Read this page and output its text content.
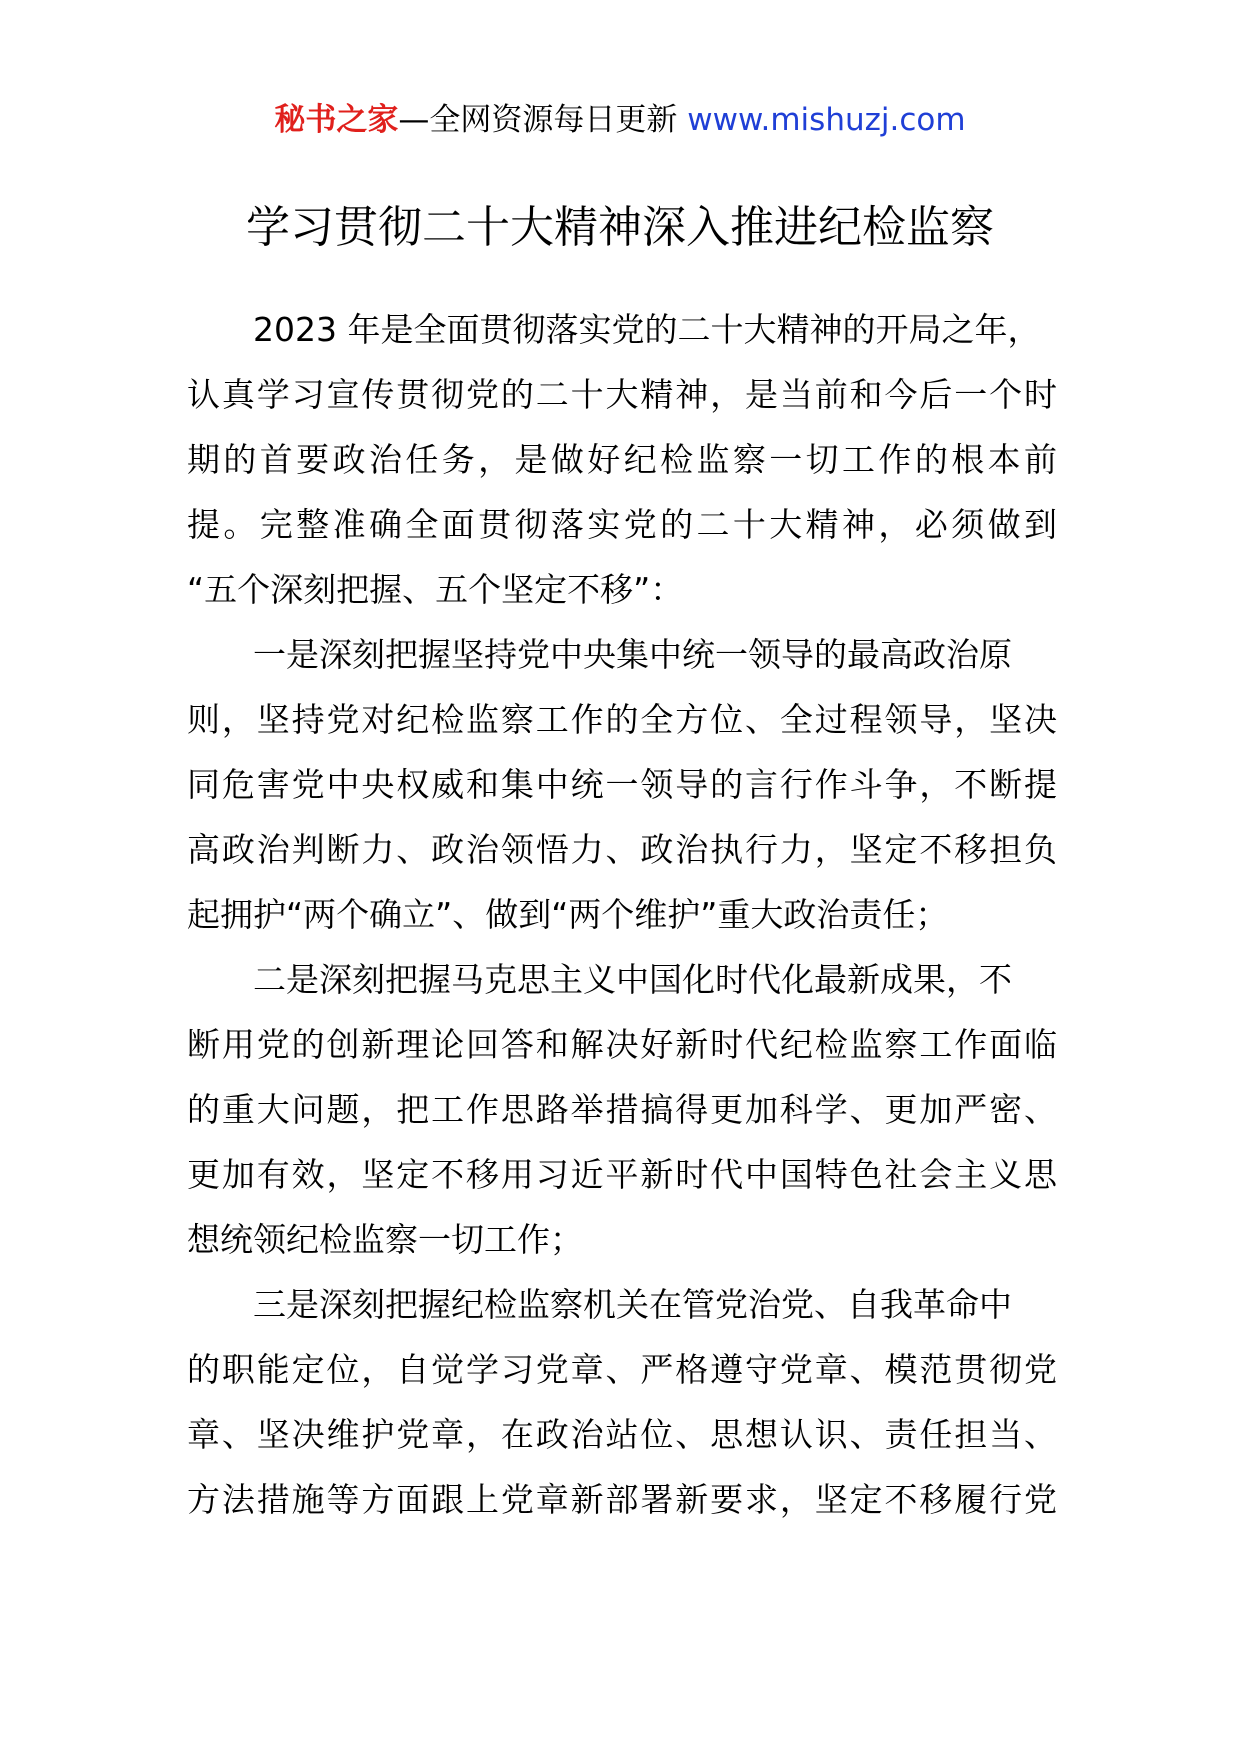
秘书之家—全网资源每日更新 www.mishuzj.com
学习贯彻二十大精神深入推进纪检监察
2023 年是全面贯彻落实党的二十大精神的开局之年，
认真学习宣传贯彻党的二十大精神，是当前和今后一个时
期的首要政治任务，是做好纪检监察一切工作的根本前
提。完整准确全面贯彻落实党的二十大精神，必须做到
“五个深刻把握、五个坚定不移”：
一是深刻把握坚持党中央集中统一领导的最高政治原
则，坚持党对纪检监察工作的全方位、全过程领导，坚决
同危害党中央权威和集中统一领导的言行作斗争，不断提
高政治判断力、政治领悟力、政治执行力，坚定不移担负
起拥护“两个确立”、做到“两个维护”重大政治责任；
二是深刻把握马克思主义中国化时代化最新成果，不
断用党的创新理论回答和解决好新时代纪检监察工作面临
的重大问题，把工作思路举措搞得更加科学、更加严密、
更加有效，坚定不移用习近平新时代中国特色社会主义思
想统领纪检监察一切工作；
三是深刻把握纪检监察机关在管党治党、自我革命中
的职能定位，自觉学习党章、严格遵守党章、模范贯彻党
章、坚决维护党章，在政治站位、思想认识、责任担当、
方法措施等方面跟上党章新部署新要求，坚定不移履行党
